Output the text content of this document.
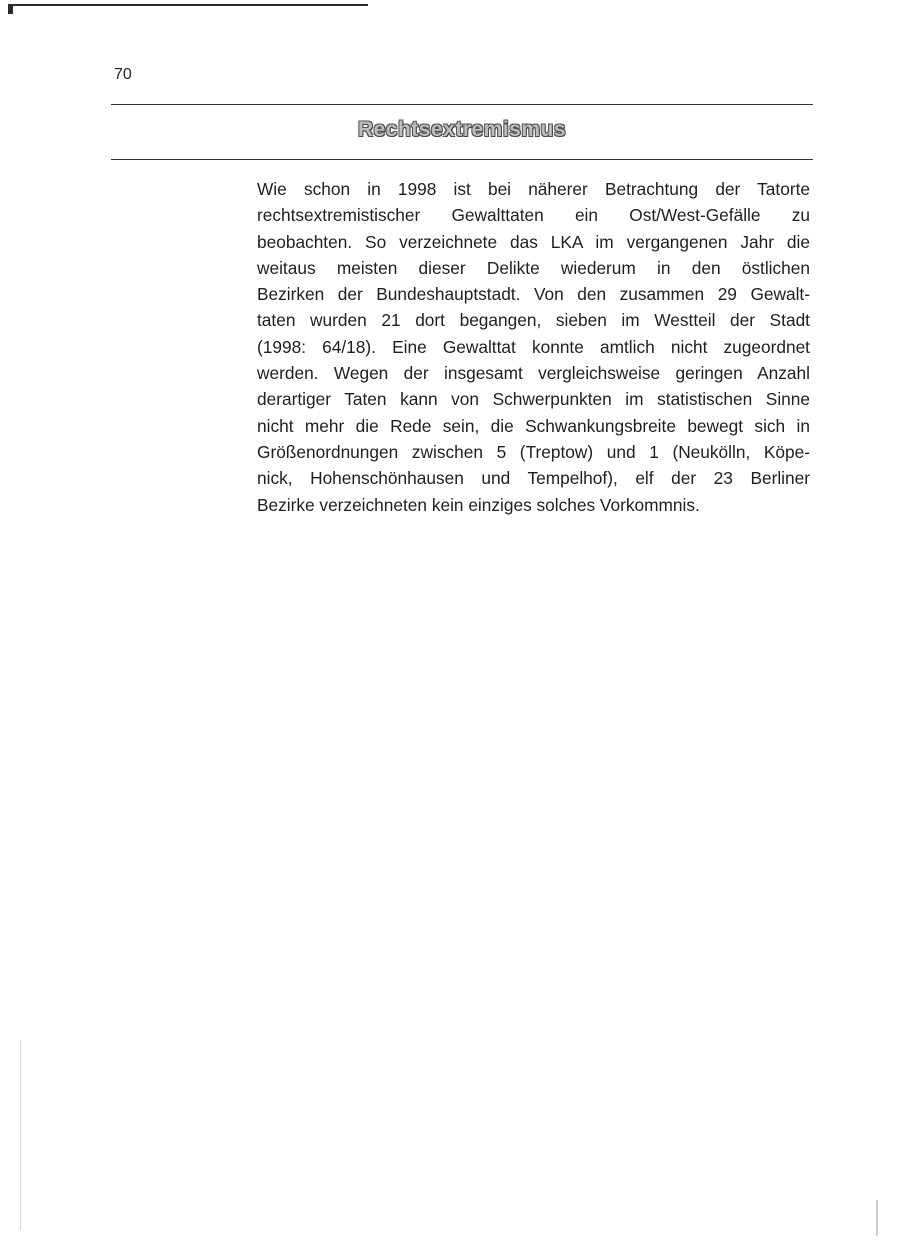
70
Rechtsextremismus

Wie schon in 1998 ist bei näherer Betrachtung der Tatorte
rechtsextremistischer Gewalttaten ein Ost/West-Gefälle zu
beobachten. So verzeichnete das LKA im vergangenen Jahr die
weitaus meisten dieser Delikte wiederum in den östlichen
Bezirken der Bundeshauptstadt. Von den zusammen 29 Gewalt-
taten wurden 21 dort begangen, sieben im Westteil der Stadt
(1998: 64/18). Eine Gewalttat konnte amtlich nicht zugeordnet
werden. Wegen der insgesamt vergleichsweise geringen Anzahl
derartiger Taten kann von Schwerpunkten im statistischen Sinne
nicht mehr die Rede sein, die Schwankungsbreite bewegt sich in
Größenordnungen zwischen 5 (Treptow) und 1 (Neukölln, Köpe-
nick, Hohenschönhausen und Tempelhof), elf der 23 Berliner
Bezirke verzeichneten kein einziges solches Vorkommnis.
